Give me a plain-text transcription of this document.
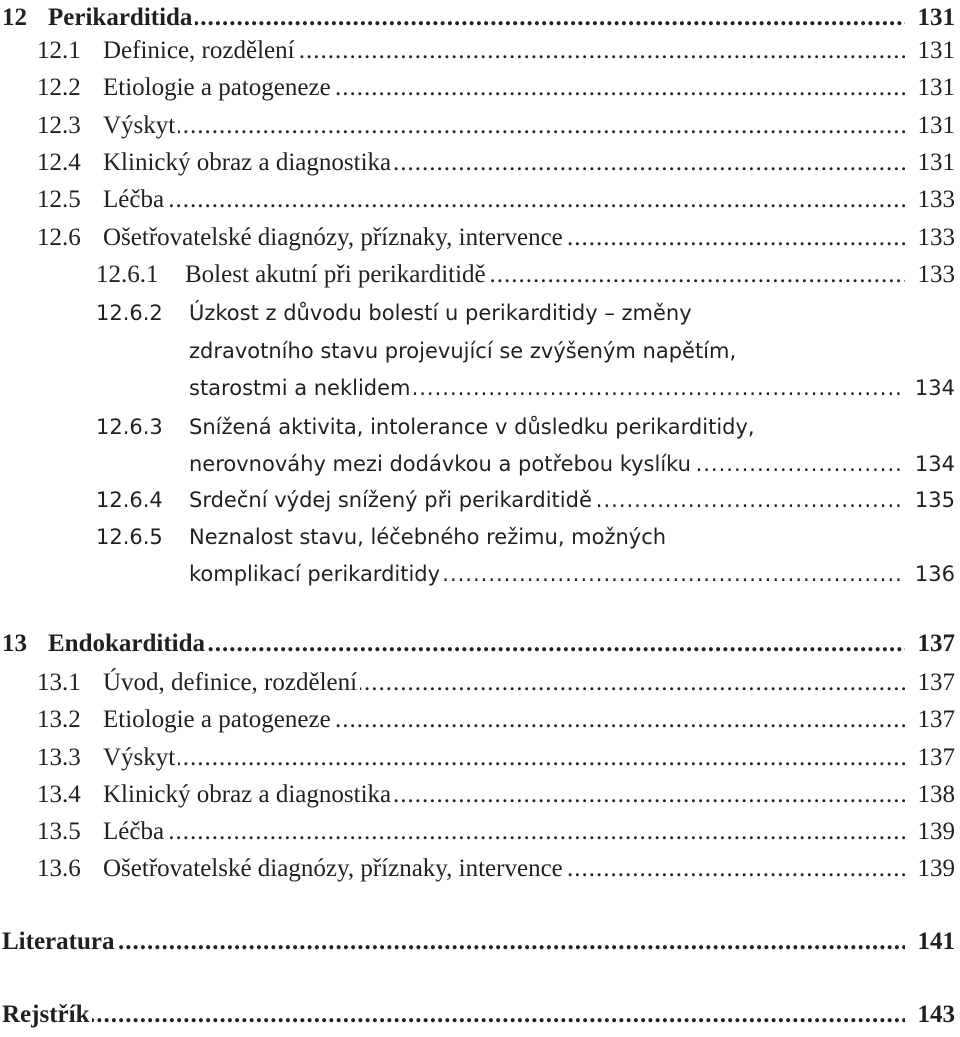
12 Perikarditida .....	131
12.1 Definice, rozdělení .....	131
12.2 Etiologie a patogeneze .....	131
12.3 Výskyt .....	131
12.4 Klinický obraz a diagnostika .....	131
12.5 Léčba .....	133
12.6 Ošetřovatelské diagnózy, příznaky, intervence .....	133
12.6.1 Bolest akutní při perikarditidě .....	133
12.6.2 Úzkost z důvodu bolestí u perikarditidy – změny
zdravotního stavu projevující se zvýšeným napětím,
starostmi a neklidem .....	134
12.6.3 Snížená aktivita, intolerance v důsledku perikarditidy,
nerovnováhy mezi dodávkou a potřebou kyslíku .....	134
12.6.4 Srdeční výdej snížený při perikarditidě .....	135
12.6.5 Neznalost stavu, léčebného režimu, možných
komplikací perikarditidy .....	136
13 Endokarditida .....	137
13.1 Úvod, definice, rozdělení .....	137
13.2 Etiologie a patogeneze .....	137
13.3 Výskyt .....	137
13.4 Klinický obraz a diagnostika .....	138
13.5 Léčba .....	139
13.6 Ošetřovatelské diagnózy, příznaky, intervence .....	139
Literatura .....	141
Rejstřík .....	143
